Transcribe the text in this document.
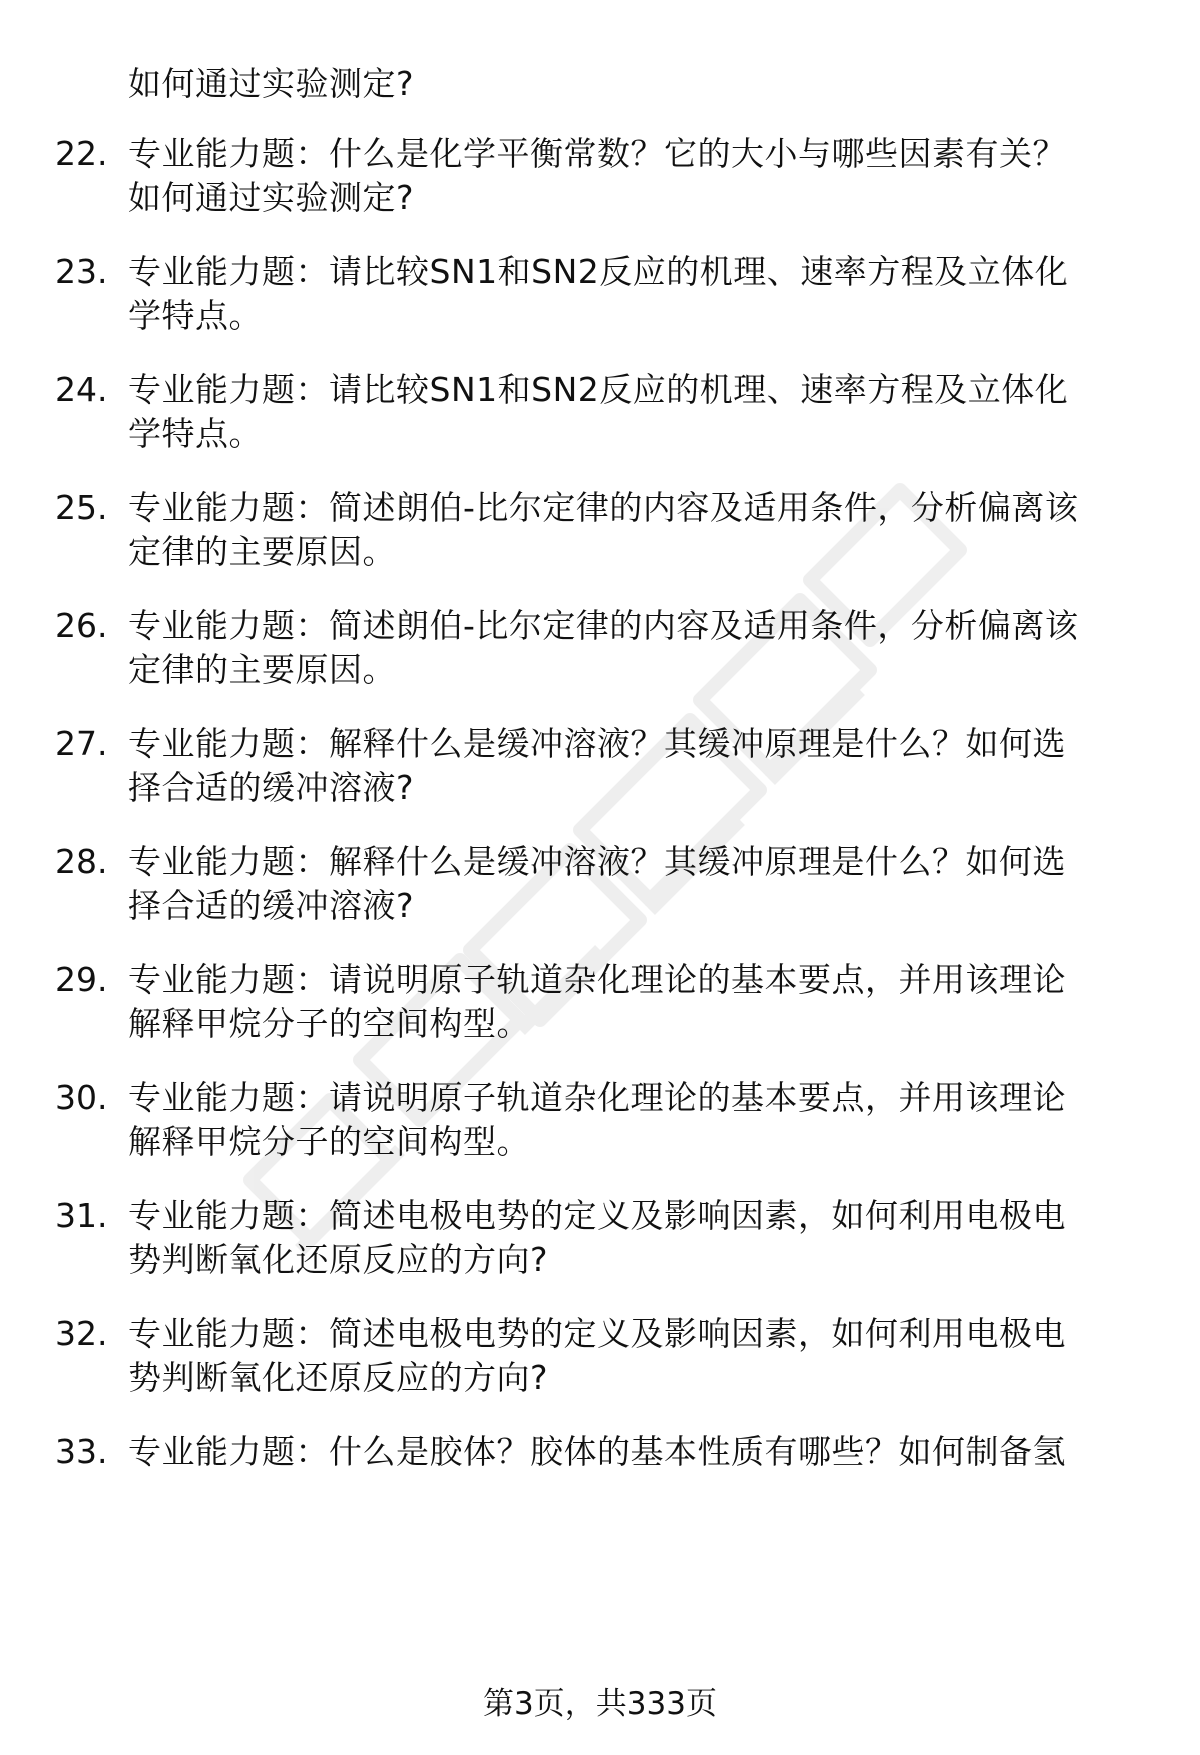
如何通过实验测定?
22. 专业能力题：什么是化学平衡常数？它的大小与哪些因素有关？
如何通过实验测定?
23. 专业能力题：请比较SN1和SN2反应的机理、速率方程及立体化
学特点。
24. 专业能力题：请比较SN1和SN2反应的机理、速率方程及立体化
学特点。
25. 专业能力题：简述朗伯-比尔定律的内容及适用条件，分析偏离该
定律的主要原因。
26. 专业能力题：简述朗伯-比尔定律的内容及适用条件，分析偏离该
定律的主要原因。
27. 专业能力题：解释什么是缓冲溶液？其缓冲原理是什么？如何选
择合适的缓冲溶液?
28. 专业能力题：解释什么是缓冲溶液？其缓冲原理是什么？如何选
择合适的缓冲溶液?
29. 专业能力题：请说明原子轨道杂化理论的基本要点，并用该理论
解释甲烷分子的空间构型。
30. 专业能力题：请说明原子轨道杂化理论的基本要点，并用该理论
解释甲烷分子的空间构型。
31. 专业能力题：简述电极电势的定义及影响因素，如何利用电极电
势判断氧化还原反应的方向?
32. 专业能力题：简述电极电势的定义及影响因素，如何利用电极电
势判断氧化还原反应的方向?
33. 专业能力题：什么是胶体？胶体的基本性质有哪些？如何制备氢
第3页，共333页
